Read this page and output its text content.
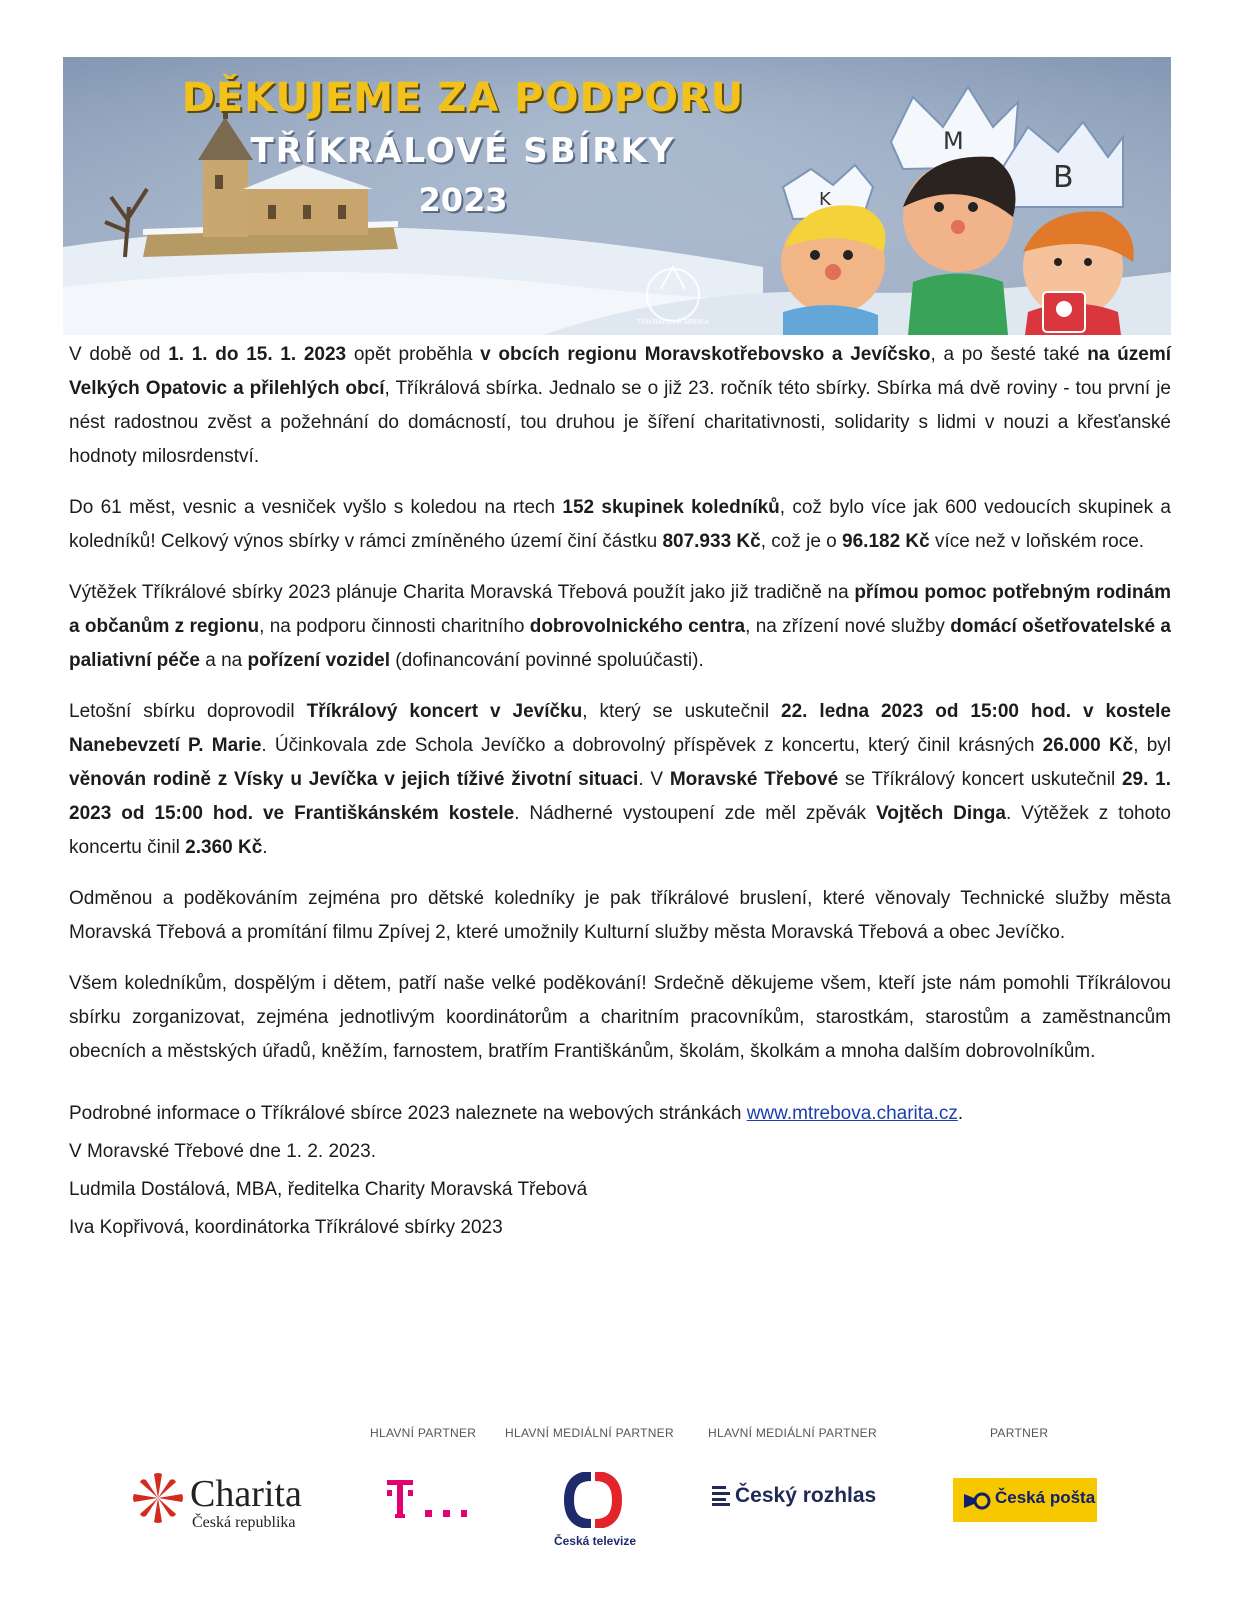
DĚKUJEME ZA PODPORU
TŘÍKRÁLOVÉ SBÍRKY
2023
TŘÍKRÁLOVÁ SBÍRKA
K
M
B

V době od 1. 1. do 15. 1. 2023 opět proběhla v obcích regionu Moravskotřebovsko a Jevíčsko, a po šesté také na území Velkých Opatovic a přilehlých obcí, Tříkrálová sbírka. Jednalo se o již 23. ročník této sbírky. Sbírka má dvě roviny - tou první je nést radostnou zvěst a požehnání do domácností, tou druhou je šíření charitativnosti, solidarity s lidmi v nouzi a křesťanské hodnoty milosrdenství.

Do 61 měst, vesnic a vesniček vyšlo s koledou na rtech 152 skupinek koledníků, což bylo více jak 600 vedoucích skupinek a koledníků! Celkový výnos sbírky v rámci zmíněného území činí částku 807.933 Kč, což je o 96.182 Kč více než v loňském roce.

Výtěžek Tříkrálové sbírky 2023 plánuje Charita Moravská Třebová použít jako již tradičně na přímou pomoc potřebným rodinám a občanům z regionu, na podporu činnosti charitního dobrovolnického centra, na zřízení nové služby domácí ošetřovatelské a paliativní péče a na pořízení vozidel (dofinancování povinné spoluúčasti).

Letošní sbírku doprovodil Tříkrálový koncert v Jevíčku, který se uskutečnil 22. ledna 2023 od 15:00 hod. v kostele Nanebevzetí P. Marie. Účinkovala zde Schola Jevíčko a dobrovolný příspěvek z koncertu, který činil krásných 26.000 Kč, byl věnován rodině z Vísky u Jevíčka v jejich tíživé životní situaci. V Moravské Třebové se Tříkrálový koncert uskutečnil 29. 1. 2023 od 15:00 hod. ve Františkánském kostele. Nádherné vystoupení zde měl zpěvák Vojtěch Dinga. Výtěžek z tohoto koncertu činil 2.360 Kč.

Odměnou a poděkováním zejména pro dětské koledníky je pak tříkrálové bruslení, které věnovaly Technické služby města Moravská Třebová a promítání filmu Zpívej 2, které umožnily Kulturní služby města Moravská Třebová a obec Jevíčko.

Všem koledníkům, dospělým i dětem, patří naše velké poděkování! Srdečně děkujeme všem, kteří jste nám pomohli Tříkrálovou sbírku zorganizovat, zejména jednotlivým koordinátorům a charitním pracovníkům, starostkám, starostům a zaměstnancům obecních a městských úřadů, kněžím, farnostem, bratřím Františkánům, školám, školkám a mnoha dalším dobrovolníkům.

Podrobné informace o Tříkrálové sbírce 2023 naleznete na webových stránkách www.mtrebova.charita.cz.

V Moravské Třebové dne 1. 2. 2023.

Ludmila Dostálová, MBA, ředitelka Charity Moravská Třebová

Iva Kopřivová, koordinátorka Tříkrálové sbírky 2023

HLAVNÍ PARTNER HLAVNÍ MEDIÁLNÍ PARTNER	HLAVNÍ MEDIÁLNÍ PARTNER	PARTNER
Charita
Česká republika
Česká televize
Český rozhlas	Česká pošta
